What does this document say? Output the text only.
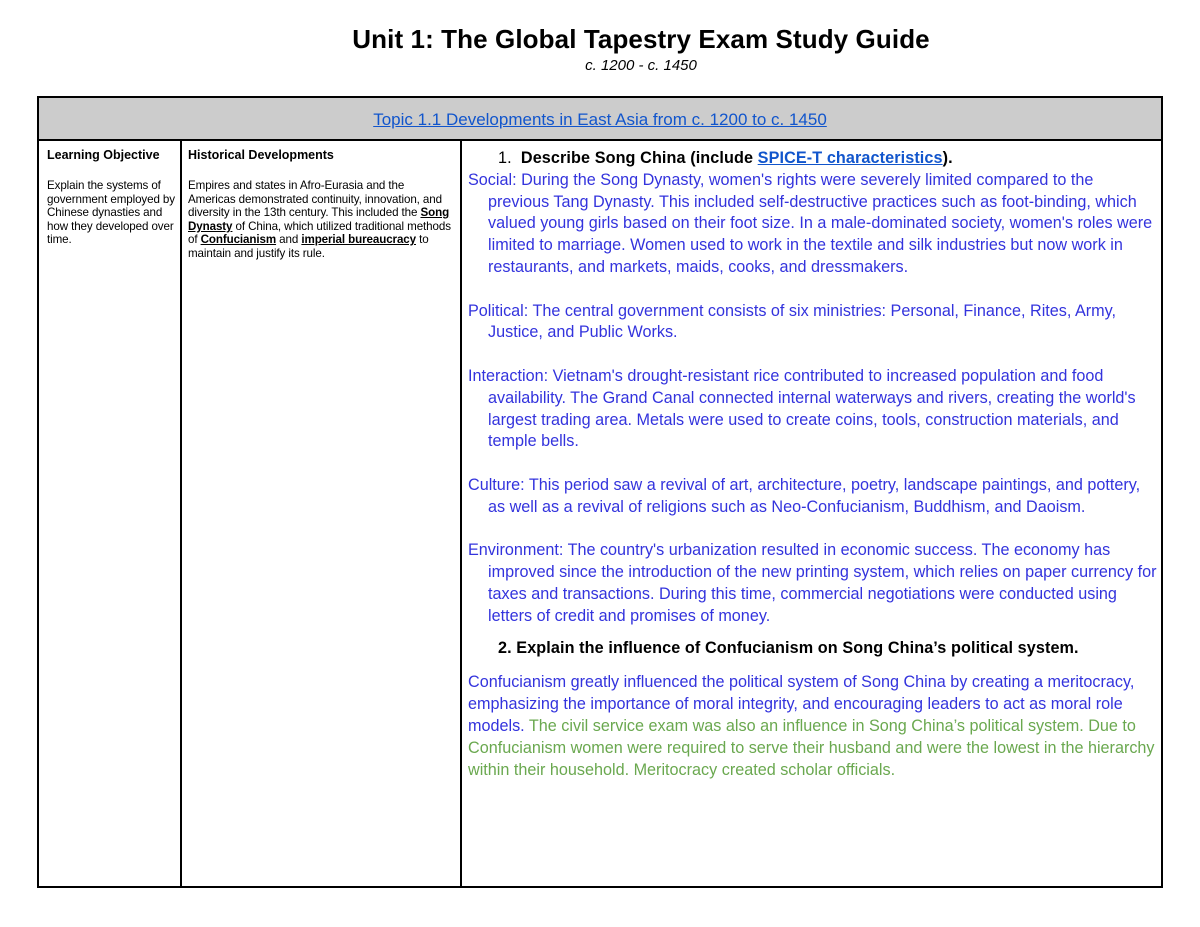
Unit 1: The Global Tapestry Exam Study Guide
c. 1200 - c. 1450
Topic 1.1 Developments in East Asia from c. 1200 to c. 1450

Learning Objective

Explain the systems of government employed by Chinese dynasties and how they developed over time.

Historical Developments

Empires and states in Afro-Eurasia and the Americas demonstrated continuity, innovation, and diversity in the 13th century. This included the Song Dynasty of China, which utilized traditional methods of Confucianism and imperial bureaucracy to maintain and justify its rule.

1. Describe Song China (include SPICE-T characteristics).

Social: During the Song Dynasty, women's rights were severely limited compared to the previous Tang Dynasty. This included self-destructive practices such as foot-binding, which valued young girls based on their foot size. In a male-dominated society, women's roles were limited to marriage. Women used to work in the textile and silk industries but now work in restaurants, and markets, maids, cooks, and dressmakers.

Political: The central government consists of six ministries: Personal, Finance, Rites, Army, Justice, and Public Works.

Interaction: Vietnam's drought-resistant rice contributed to increased population and food availability. The Grand Canal connected internal waterways and rivers, creating the world's largest trading area. Metals were used to create coins, tools, construction materials, and temple bells.

Culture: This period saw a revival of art, architecture, poetry, landscape paintings, and pottery, as well as a revival of religions such as Neo-Confucianism, Buddhism, and Daoism.

Environment: The country's urbanization resulted in economic success. The economy has improved since the introduction of the new printing system, which relies on paper currency for taxes and transactions. During this time, commercial negotiations were conducted using letters of credit and promises of money.

2. Explain the influence of Confucianism on Song China’s political system.

Confucianism greatly influenced the political system of Song China by creating a meritocracy, emphasizing the importance of moral integrity, and encouraging leaders to act as moral role models. The civil service exam was also an influence in Song China’s political system. Due to Confucianism women were required to serve their husband and were the lowest in the hierarchy within their household. Meritocracy created scholar officials.
